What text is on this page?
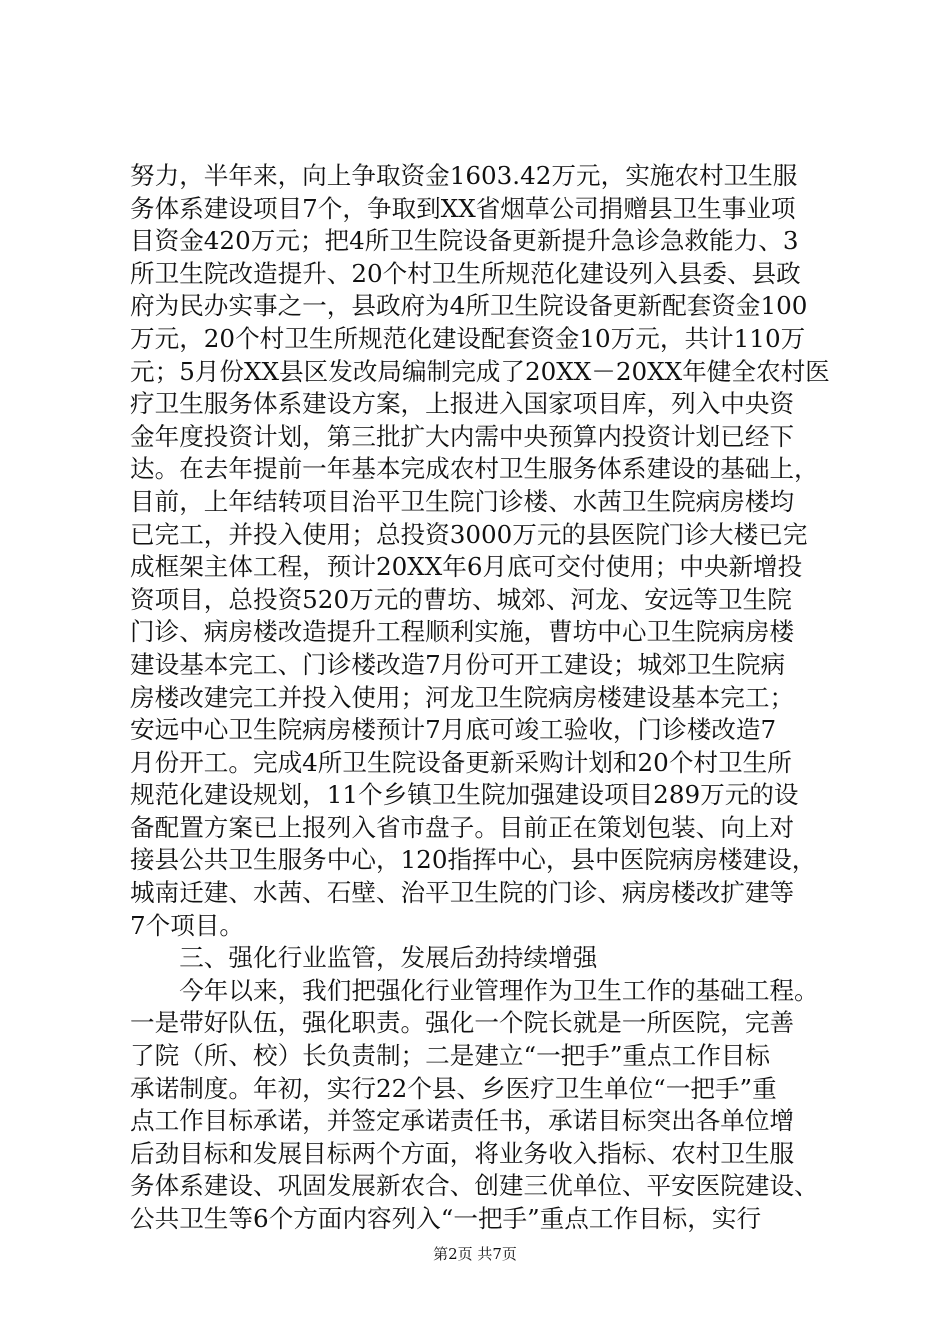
努力，半年来，向上争取资金1603.42万元，实施农村卫生服
务体系建设项目7个，争取到XX省烟草公司捐赠县卫生事业项
目资金420万元；把4所卫生院设备更新提升急诊急救能力、3
所卫生院改造提升、20个村卫生所规范化建设列入县委、县政
府为民办实事之一，县政府为4所卫生院设备更新配套资金100
万元，20个村卫生所规范化建设配套资金10万元，共计110万
元；5月份XX县区发改局编制完成了20XX－20XX年健全农村医
疗卫生服务体系建设方案，上报进入国家项目库，列入中央资
金年度投资计划，第三批扩大内需中央预算内投资计划已经下
达。在去年提前一年基本完成农村卫生服务体系建设的基础上，
目前，上年结转项目治平卫生院门诊楼、水茜卫生院病房楼均
已完工，并投入使用；总投资3000万元的县医院门诊大楼已完
成框架主体工程，预计20XX年6月底可交付使用；中央新增投
资项目，总投资520万元的曹坊、城郊、河龙、安远等卫生院
门诊、病房楼改造提升工程顺利实施，曹坊中心卫生院病房楼
建设基本完工、门诊楼改造7月份可开工建设；城郊卫生院病
房楼改建完工并投入使用；河龙卫生院病房楼建设基本完工；
安远中心卫生院病房楼预计7月底可竣工验收，门诊楼改造7
月份开工。完成4所卫生院设备更新采购计划和20个村卫生所
规范化建设规划，11个乡镇卫生院加强建设项目289万元的设
备配置方案已上报列入省市盘子。目前正在策划包装、向上对
接县公共卫生服务中心，120指挥中心，县中医院病房楼建设，
城南迁建、水茜、石壁、治平卫生院的门诊、病房楼改扩建等
7个项目。
　　三、强化行业监管，发展后劲持续增强
　　今年以来，我们把强化行业管理作为卫生工作的基础工程。
一是带好队伍，强化职责。强化一个院长就是一所医院，完善
了院（所、校）长负责制；二是建立“一把手”重点工作目标
承诺制度。年初，实行22个县、乡医疗卫生单位“一把手”重
点工作目标承诺，并签定承诺责任书，承诺目标突出各单位增
后劲目标和发展目标两个方面，将业务收入指标、农村卫生服
务体系建设、巩固发展新农合、创建三优单位、平安医院建设、
公共卫生等6个方面内容列入“一把手”重点工作目标，实行
第2页 共7页
